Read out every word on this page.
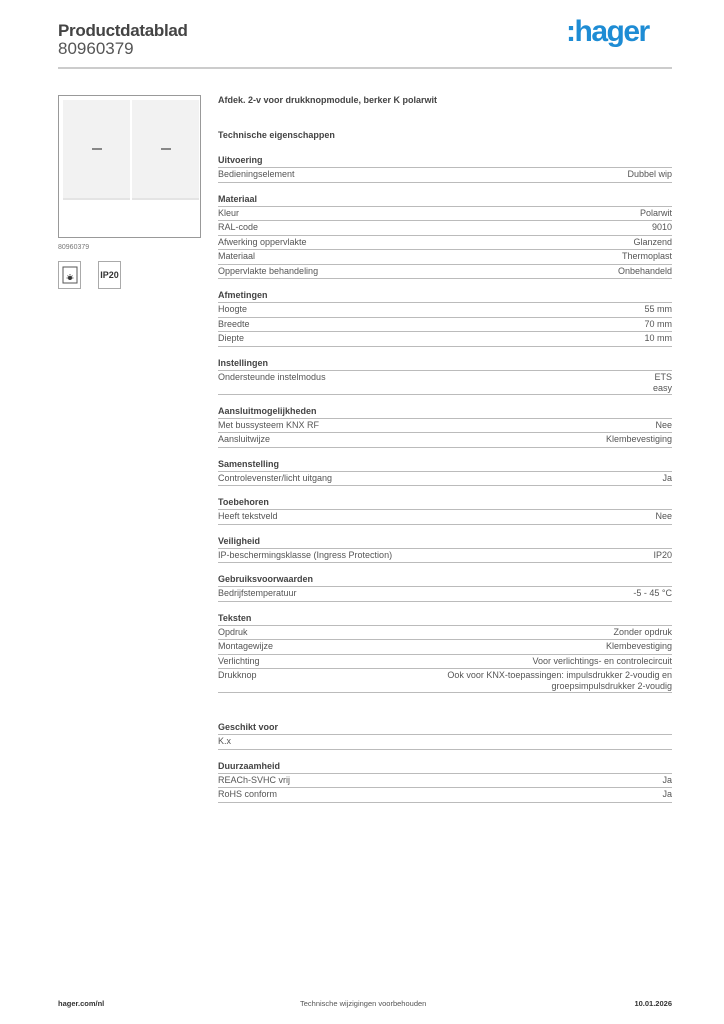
Productdatablad
80960379
:hager
80960379
IP20
Afdek. 2-v voor drukknopmodule, berker K polarwit
Technische eigenschappen
Uitvoering
Bedieningselement	Dubbel wip
Materiaal
Kleur	Polarwit
RAL-code	9010
Afwerking oppervlakte	Glanzend
Materiaal	Thermoplast
Oppervlakte behandeling	Onbehandeld
Afmetingen
Hoogte	55 mm
Breedte	70 mm
Diepte	10 mm
Instellingen
Ondersteunde instelmodus	ETS
easy
Aansluitmogelijkheden
Met bussysteem KNX RF	Nee
Aansluitwijze	Klembevestiging
Samenstelling
Controlevenster/licht uitgang	Ja
Toebehoren
Heeft tekstveld	Nee
Veiligheid
IP-beschermingsklasse (Ingress Protection)	IP20
Gebruiksvoorwaarden
Bedrijfstemperatuur	-5 - 45 °C
Teksten
Opdruk	Zonder opdruk
Montagewijze	Klembevestiging
Verlichting	Voor verlichtings- en controlecircuit
Drukknop	Ook voor KNX-toepassingen: impulsdrukker 2-voudig en groepsimpulsdrukker 2-voudig
Geschikt voor
K.x
Duurzaamheid
REACh-SVHC vrij	Ja
RoHS conform	Ja
hager.com/nl	Technische wijzigingen voorbehouden	10.01.2026
